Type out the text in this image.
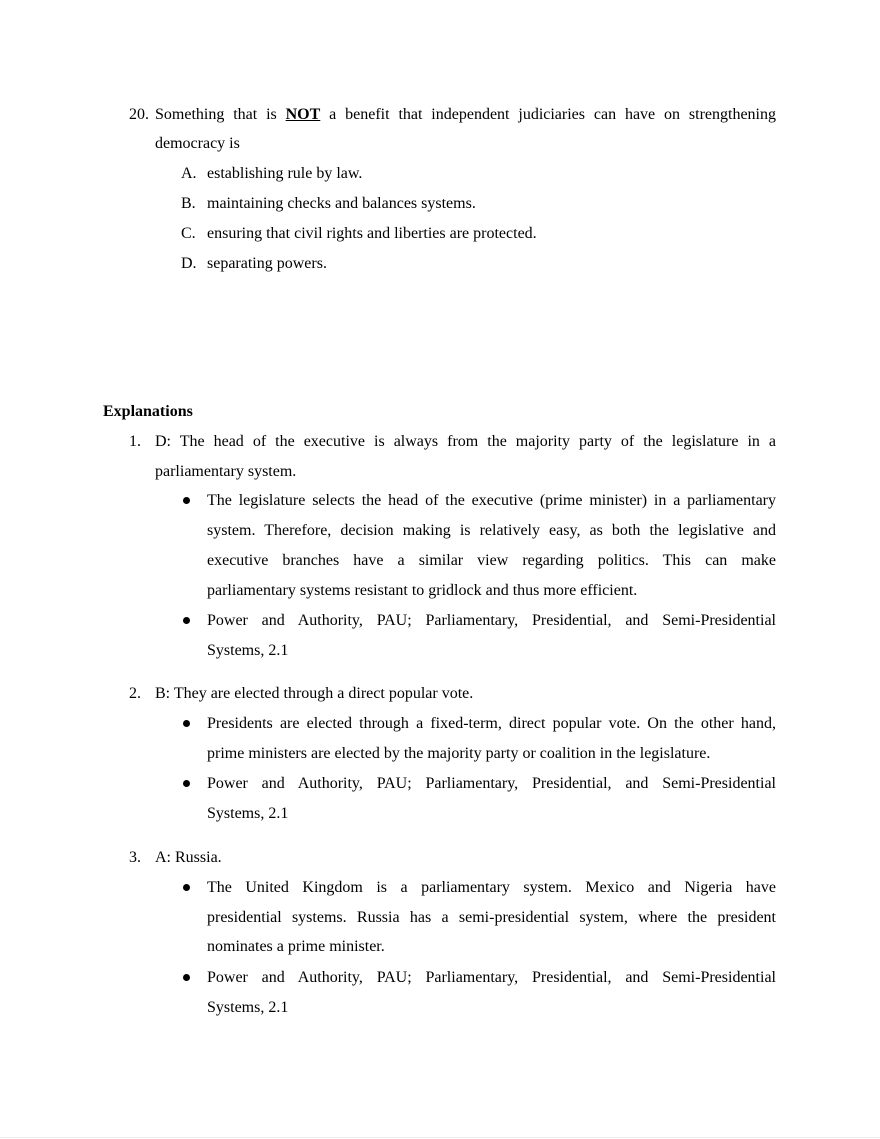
20. Something that is NOT a benefit that independent judiciaries can have on strengthening
democracy is
A. establishing rule by law.
B. maintaining checks and balances systems.
C. ensuring that civil rights and liberties are protected.
D. separating powers.
Explanations
1. D: The head of the executive is always from the majority party of the legislature in a
parliamentary system.
The legislature selects the head of the executive (prime minister) in a parliamentary
system. Therefore, decision making is relatively easy, as both the legislative and
executive branches have a similar view regarding politics. This can make
parliamentary systems resistant to gridlock and thus more efficient.
Power and Authority, PAU; Parliamentary, Presidential, and Semi-Presidential
Systems, 2.1
2. B: They are elected through a direct popular vote.
Presidents are elected through a fixed-term, direct popular vote. On the other hand,
prime ministers are elected by the majority party or coalition in the legislature.
Power and Authority, PAU; Parliamentary, Presidential, and Semi-Presidential
Systems, 2.1
3. A: Russia.
The United Kingdom is a parliamentary system. Mexico and Nigeria have
presidential systems. Russia has a semi-presidential system, where the president
nominates a prime minister.
Power and Authority, PAU; Parliamentary, Presidential, and Semi-Presidential
Systems, 2.1
